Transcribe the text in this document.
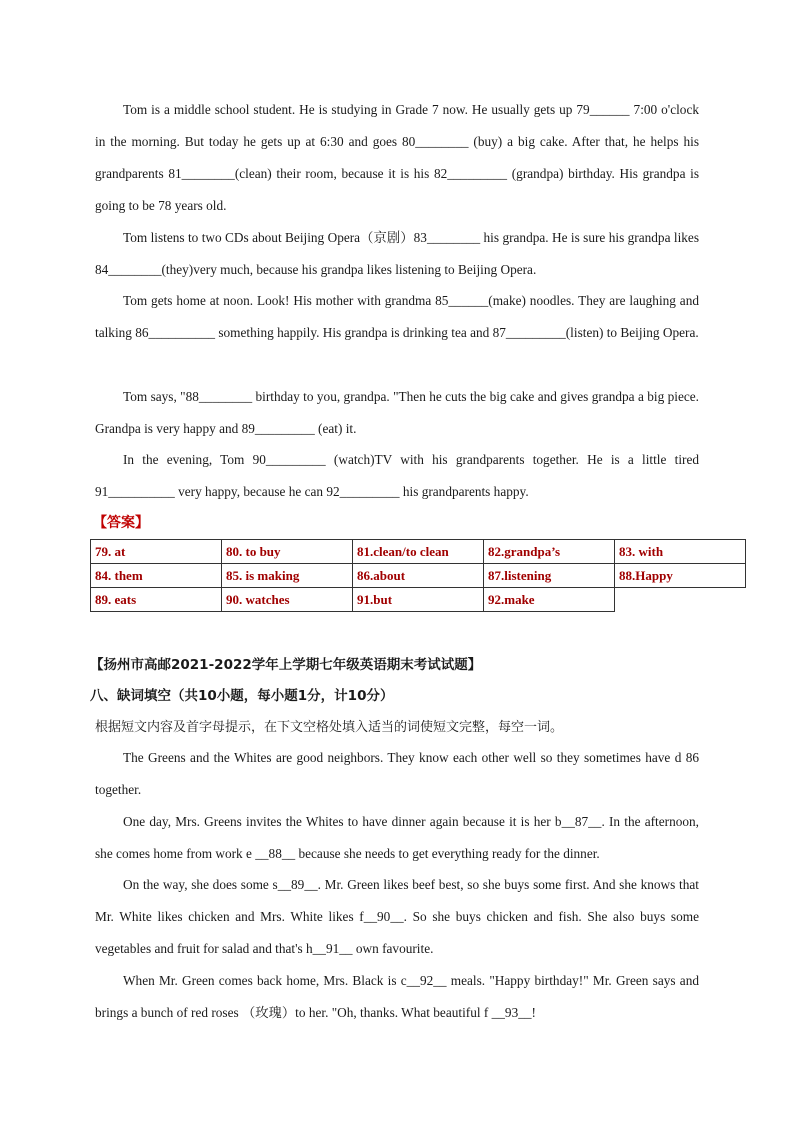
Tom is a middle school student. He is studying in Grade 7 now. He usually gets up 79______ 7:00 o'clock in the morning. But today he gets up at 6:30 and goes 80________ (buy) a big cake. After that, he helps his grandparents 81________(clean) their room, because it is his 82_________ (grandpa) birthday. His grandpa is going to be 78 years old.

Tom listens to two CDs about Beijing Opera（京剧）83________ his grandpa. He is sure his grandpa likes 84________(they)very much, because his grandpa likes listening to Beijing Opera.

Tom gets home at noon. Look! His mother with grandma 85______(make) noodles. They are laughing and talking 86__________ something happily. His grandpa is drinking tea and 87_________(listen) to Beijing Opera.

Tom says, "88________ birthday to you, grandpa. "Then he cuts the big cake and gives grandpa a big piece. Grandpa is very happy and 89_________ (eat) it.

In the evening, Tom 90_________ (watch)TV with his grandparents together. He is a little tired 91__________ very happy, because he can 92_________ his grandparents happy.

【答案】
79. at	80. to buy	81.clean/to clean	82.grandpa’s	83. with
84. them	85. is making	86.about	87.listening	88.Happy
89. eats	90. watches	91.but	92.make	
【扬州市高邮2021-2022学年上学期七年级英语期末考试试题】
八、缺词填空（共10小题，每小题1分，计10分）
根据短文内容及首字母提示，在下文空格处填入适当的词使短文完整，每空一词。

The Greens and the Whites are good neighbors. They know each other well so they sometimes have d 86 together.

One day, Mrs. Greens invites the Whites to have dinner again because it is her b__87__. In the afternoon, she comes home from work e __88__ because she needs to get everything ready for the dinner.

On the way, she does some s__89__. Mr. Green likes beef best, so she buys some first. And she knows that Mr. White likes chicken and Mrs. White likes f__90__. So she buys chicken and fish. She also buys some vegetables and fruit for salad and that's h__91__ own favourite.

When Mr. Green comes back home, Mrs. Black is c__92__ meals. "Happy birthday!" Mr. Green says and brings a bunch of red roses （玫瑰）to her. "Oh, thanks. What beautiful f __93__!
